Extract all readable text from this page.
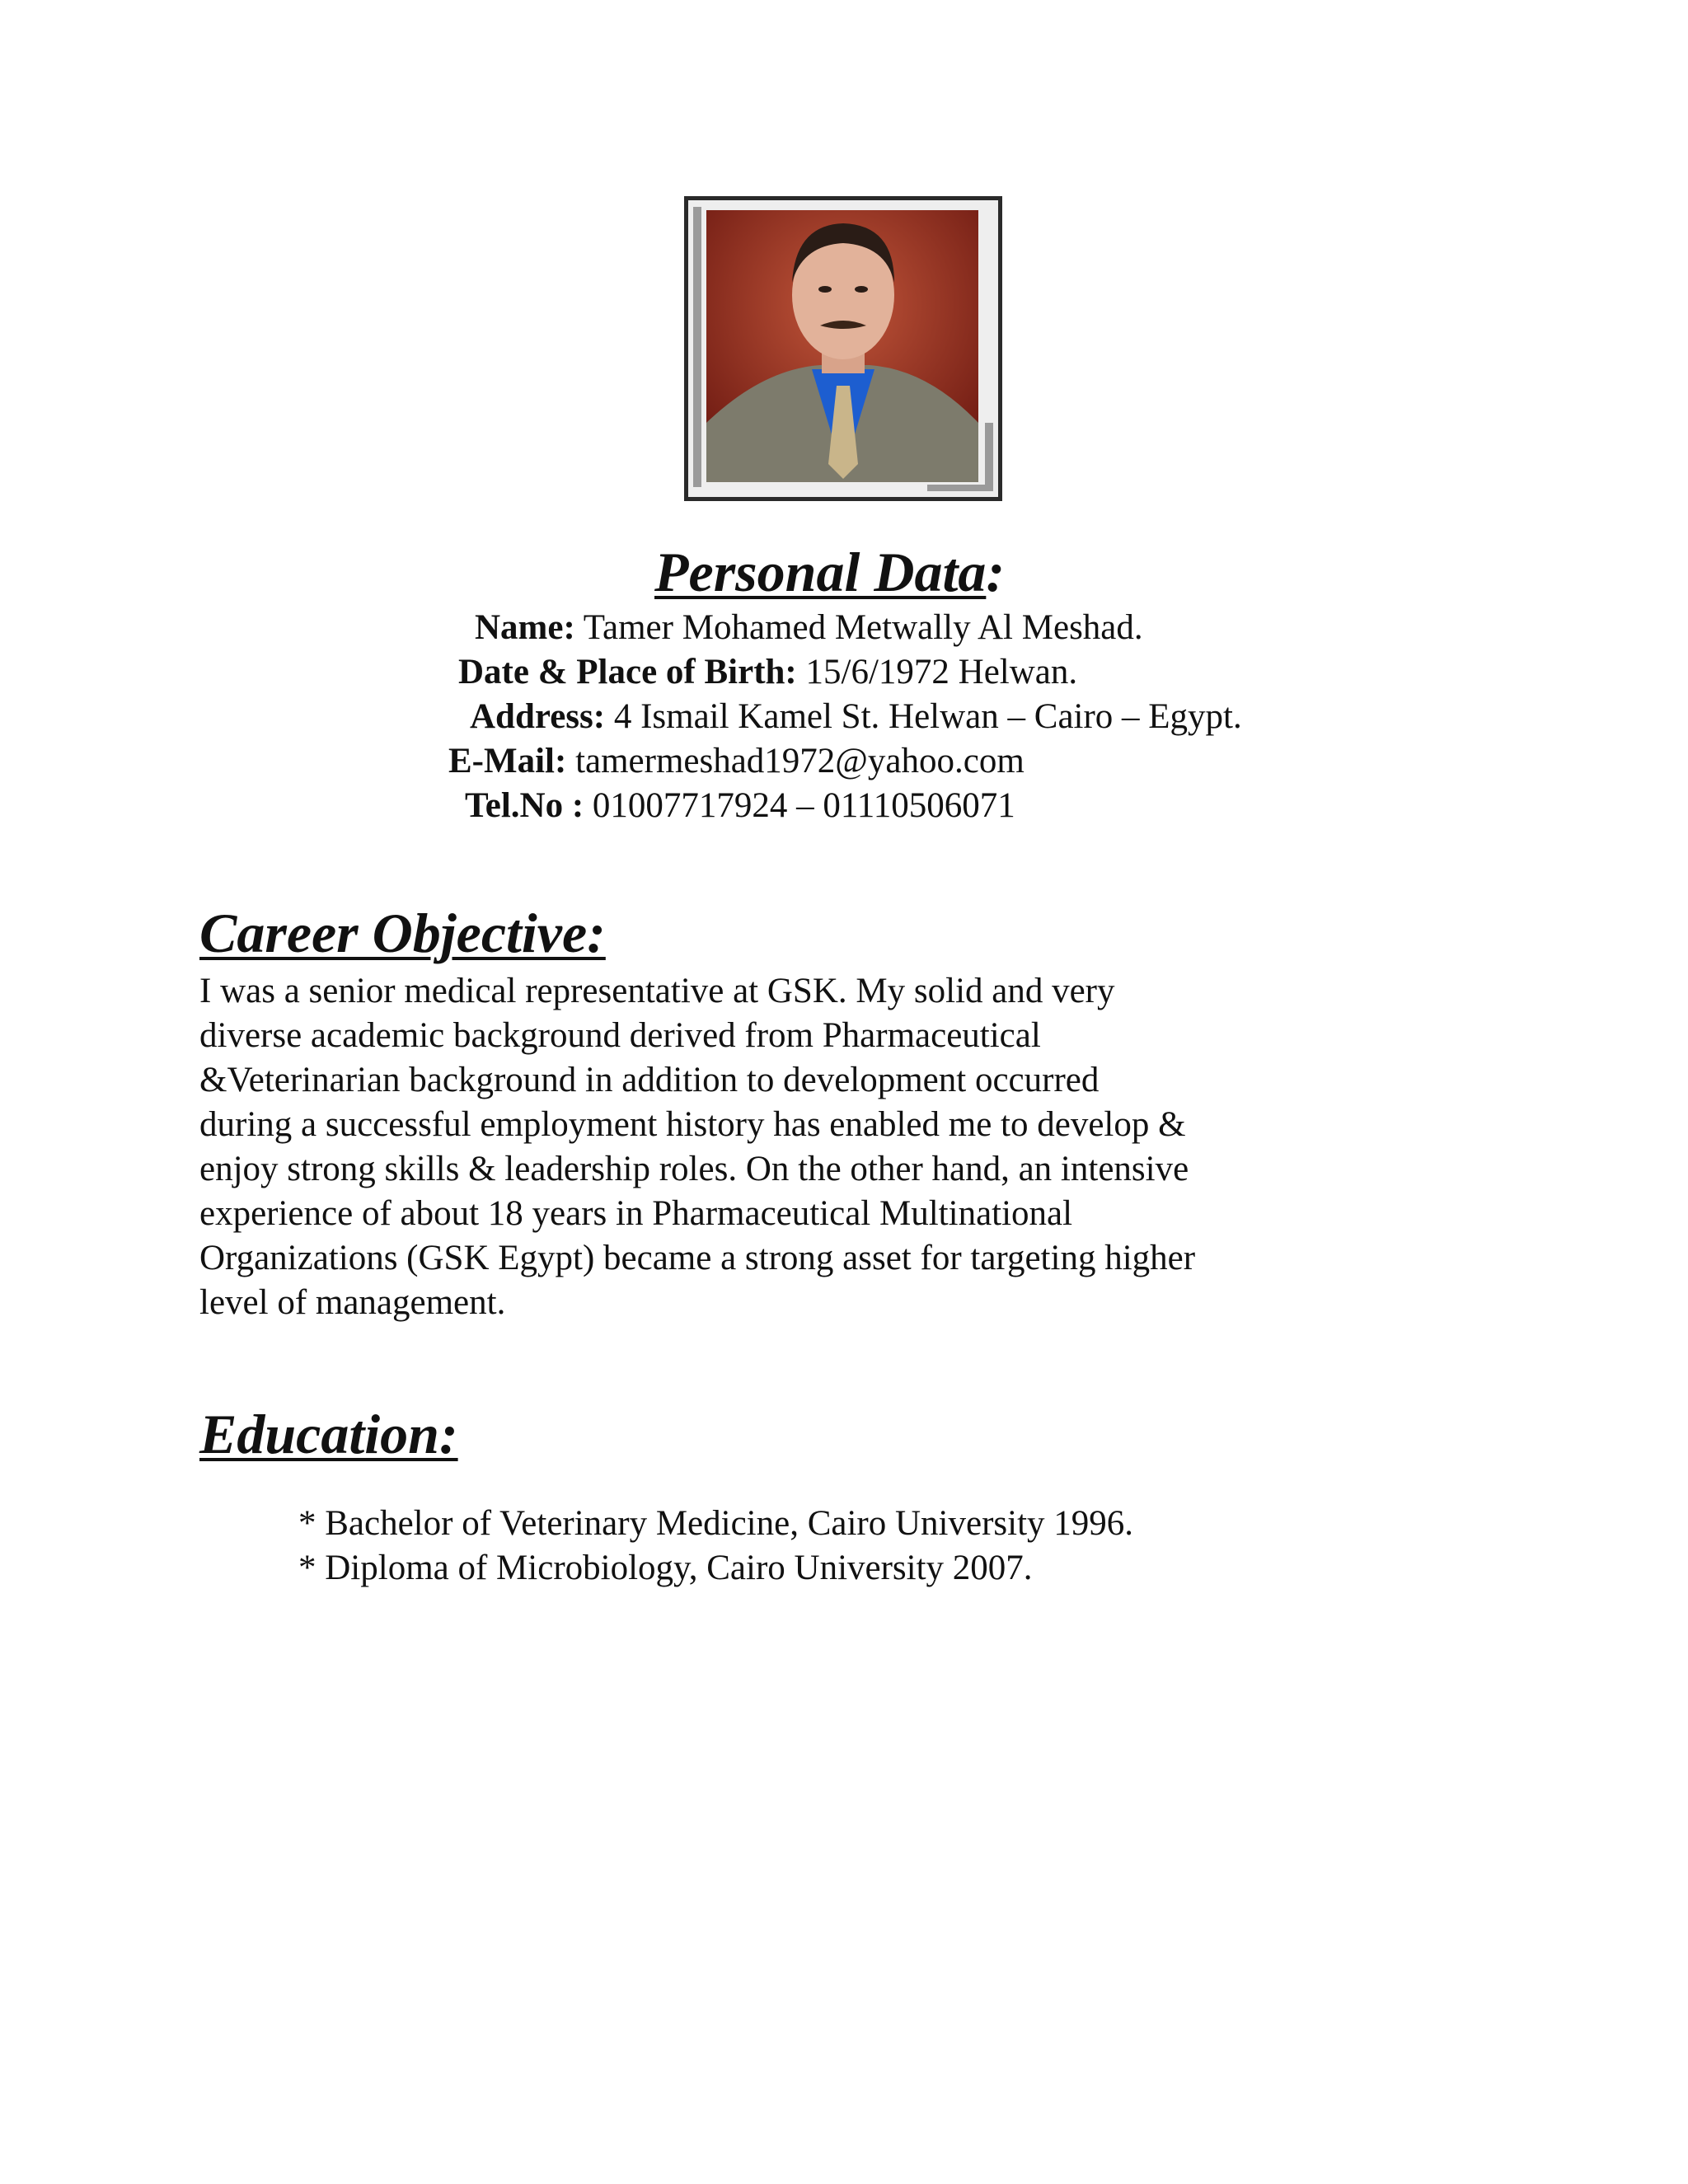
Personal Data:
Name: Tamer Mohamed Metwally Al Meshad.
Date & Place of Birth: 15/6/1972 Helwan.
Address: 4 Ismail Kamel St. Helwan – Cairo – Egypt.
E-Mail: tamermeshad1972@yahoo.com
Tel.No : 01007717924 – 01110506071
Career Objective:
I was a senior medical representative at GSK. My solid and very
diverse academic background derived from Pharmaceutical
&Veterinarian background in addition to development occurred
during a successful employment history has enabled me to develop &
enjoy strong skills & leadership roles. On the other hand, an intensive
experience of about 18 years in Pharmaceutical Multinational
Organizations (GSK Egypt) became a strong asset for targeting higher
level of management.
Education:
* Bachelor of Veterinary Medicine, Cairo University 1996.
* Diploma of Microbiology, Cairo University 2007.
